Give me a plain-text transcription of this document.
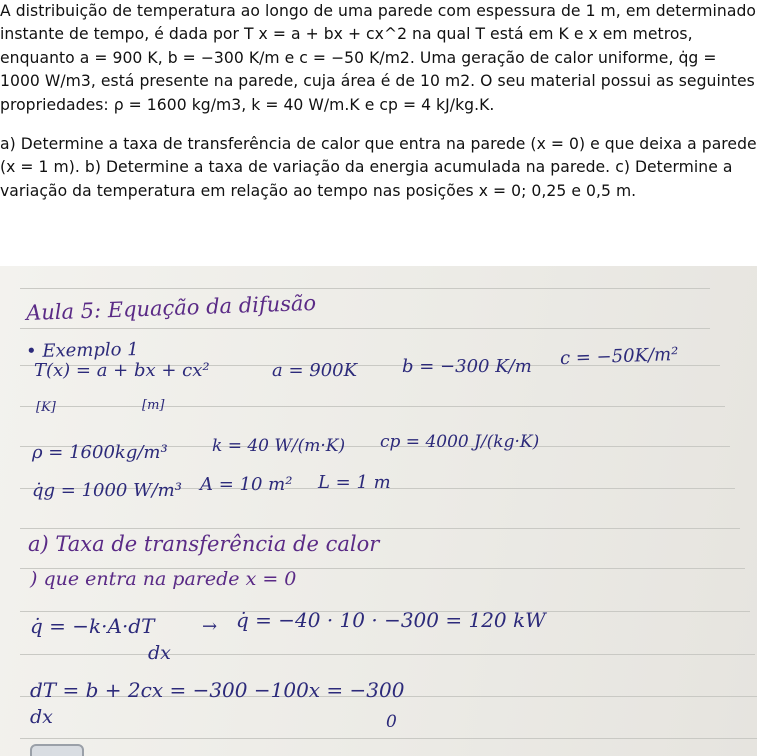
A distribuição de temperatura ao longo de uma parede com espessura de 1 m, em determinado instante de tempo, é dada por T x = a + bx + cx^2 na qual T está em K e x em metros, enquanto a = 900 K, b = −300 K/m e c = −50 K/m2. Uma geração de calor uniforme, q̇g = 1000 W/m3, está presente na parede, cuja área é de 10 m2. O seu material possui as seguintes propriedades: ρ = 1600 kg/m3, k = 40 W/m.K e cp = 4 kJ/kg.K.

a) Determine a taxa de transferência de calor que entra na parede (x = 0) e que deixa a parede (x = 1 m). b) Determine a taxa de variação da energia acumulada na parede. c) Determine a variação da temperatura em relação ao tempo nas posições x = 0; 0,25 e 0,5 m.

Aula 5: Equação da difusão
• Exemplo 1
T(x) = a + bx + cx²	a = 900K b = −300 K/m c = −50K/m²
[K]	[m]
ρ = 1600kg/m³	k = 40 W/(m·K) cp = 4000 J/(kg·K)
q̇g = 1000 W/m³ A = 10 m² L = 1 m
a) Taxa de transferência de calor
) que entra na parede x = 0
q̇ = −k·A·dT	→ q̇ = −40 · 10 · −300 = 120 kW
dx
dT = b + 2cx = −300 −100x = −300
dx	0
